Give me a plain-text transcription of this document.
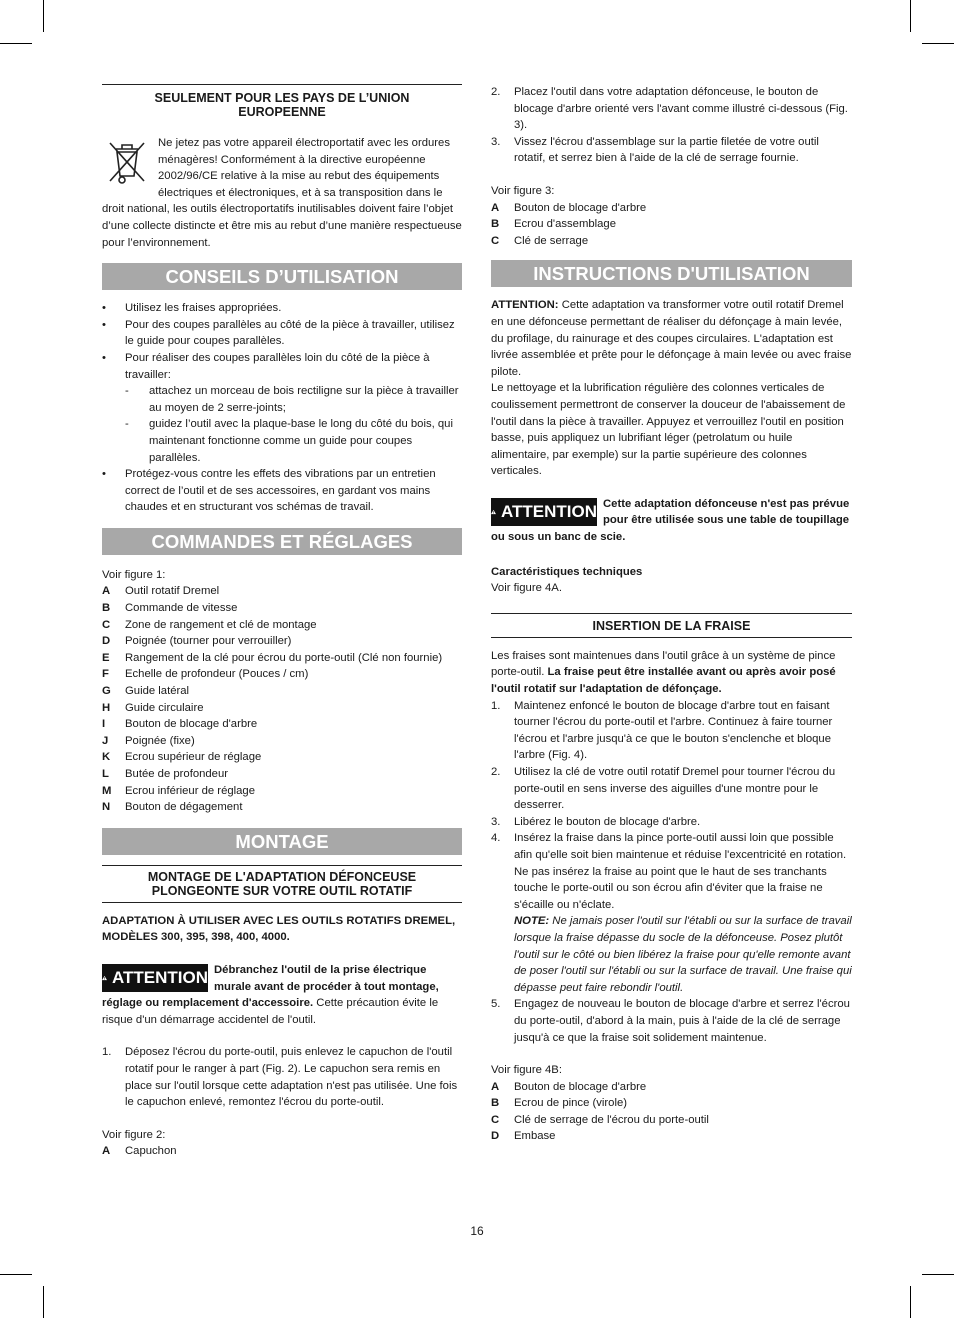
SEULEMENT POUR LES PAYS DE L’UNION EUROPEENNE
Ne jetez pas votre appareil électroportatif avec les ordures ménagères! Conformément à la directive européenne 2002/96/CE relative à la mise au rebut des équipements électriques et électroniques, et à sa transposition dans le droit national, les outils électroportatifs inutilisables doivent faire l’objet d’une collecte distincte et être mis au rebut d’une manière respectueuse pour l’environnement.
CONSEILS D’UTILISATION
• Utilisez les fraises appropriées.
• Pour des coupes parallèles au côté de la pièce à travailler, utilisez le guide pour coupes parallèles.
• Pour réaliser des coupes parallèles loin du côté de la pièce à travailler:
- attachez un morceau de bois rectiligne sur la pièce à travailler au moyen de 2 serre-joints;
- guidez l’outil avec la plaque-base le long du côté du bois, qui maintenant fonctionne comme un guide pour coupes parallèles.
• Protégez-vous contre les effets des vibrations par un entretien correct de l’outil et de ses accessoires, en gardant vos mains chaudes et en structurant vos schémas de travail.
COMMANDES ET RÉGLAGES
Voir figure 1:
A Outil rotatif Dremel
B Commande de vitesse
C Zone de rangement et clé de montage
D Poignée (tourner pour verrouiller)
E Rangement de la clé pour écrou du porte-outil (Clé non fournie)
F Echelle de profondeur (Pouces / cm)
G Guide latéral
H Guide circulaire
I Bouton de blocage d'arbre
J Poignée (fixe)
K Ecrou supérieur de réglage
L Butée de profondeur
M Ecrou inférieur de réglage
N Bouton de dégagement
MONTAGE
MONTAGE DE L'ADAPTATION DÉFONCEUSE
PLONGEONTE SUR VOTRE OUTIL ROTATIF
ADAPTATION À UTILISER AVEC LES OUTILS ROTATIFS DREMEL, MODÈLES 300, 395, 398, 400, 4000.
ATTENTION Débranchez l'outil de la prise électrique murale avant de procéder à tout montage, réglage ou remplacement d'accessoire. Cette précaution évite le risque d'un démarrage accidentel de l'outil.
1. Déposez l'écrou du porte-outil, puis enlevez le capuchon de l'outil rotatif pour le ranger à part (Fig. 2). Le capuchon sera remis en place sur l'outil lorsque cette adaptation n'est pas utilisée. Une fois le capuchon enlevé, remontez l'écrou du porte-outil.
Voir figure 2:
A Capuchon
2. Placez l'outil dans votre adaptation défonceuse, le bouton de blocage d'arbre orienté vers l'avant comme illustré ci-dessous (Fig. 3).
3. Vissez l'écrou d'assemblage sur la partie filetée de votre outil rotatif, et serrez bien à l'aide de la clé de serrage fournie.
Voir figure 3:
A Bouton de blocage d'arbre
B Ecrou d'assemblage
C Clé de serrage
INSTRUCTIONS D'UTILISATION
ATTENTION: Cette adaptation va transformer votre outil rotatif Dremel en une défonceuse permettant de réaliser du défonçage à main levée, du profilage, du rainurage et des coupes circulaires. L'adaptation est livrée assemblée et prête pour le défonçage à main levée ou avec fraise pilote.
Le nettoyage et la lubrification régulière des colonnes verticales de coulissement permettront de conserver la douceur de l'abaissement de l'outil dans la pièce à travailler. Appuyez et verrouillez l'outil en position basse, puis appliquez un lubrifiant léger (petrolatum ou huile alimentaire, par exemple) sur la partie supérieure des colonnes verticales.
ATTENTION Cette adaptation défonceuse n'est pas prévue pour être utilisée sous une table de toupillage ou sous un banc de scie.
Caractéristiques techniques
Voir figure 4A.
INSERTION DE LA FRAISE
Les fraises sont maintenues dans l'outil grâce à un système de pince porte-outil. La fraise peut être installée avant ou après avoir posé l'outil rotatif sur l'adaptation de défonçage.
1. Maintenez enfoncé le bouton de blocage d'arbre tout en faisant tourner l'écrou du porte-outil et l'arbre. Continuez à faire tourner l'écrou et l'arbre jusqu'à ce que le bouton s'enclenche et bloque l'arbre (Fig. 4).
2. Utilisez la clé de votre outil rotatif Dremel pour tourner l'écrou du porte-outil en sens inverse des aiguilles d'une montre pour le desserrer.
3. Libérez le bouton de blocage d'arbre.
4. Insérez la fraise dans la pince porte-outil aussi loin que possible afin qu'elle soit bien maintenue et réduise l'excentricité en rotation. Ne pas insérez la fraise au point que le haut de ses tranchants touche le porte-outil ou son écrou afin d'éviter que la fraise ne s'écaille ou n'éclate.
NOTE: Ne jamais poser l'outil sur l'établi ou sur la surface de travail lorsque la fraise dépasse du socle de la défonceuse. Posez plutôt l'outil sur le côté ou bien libérez la fraise pour qu'elle remonte avant de poser l'outil sur l'établi ou sur la surface de travail. Une fraise qui dépasse peut faire rebondir l'outil.
5. Engagez de nouveau le bouton de blocage d'arbre et serrez l'écrou du porte-outil, d'abord à la main, puis à l'aide de la clé de serrage jusqu'à ce que la fraise soit solidement maintenue.
Voir figure 4B:
A Bouton de blocage d'arbre
B Ecrou de pince (virole)
C Clé de serrage de l'écrou du porte-outil
D Embase
16
